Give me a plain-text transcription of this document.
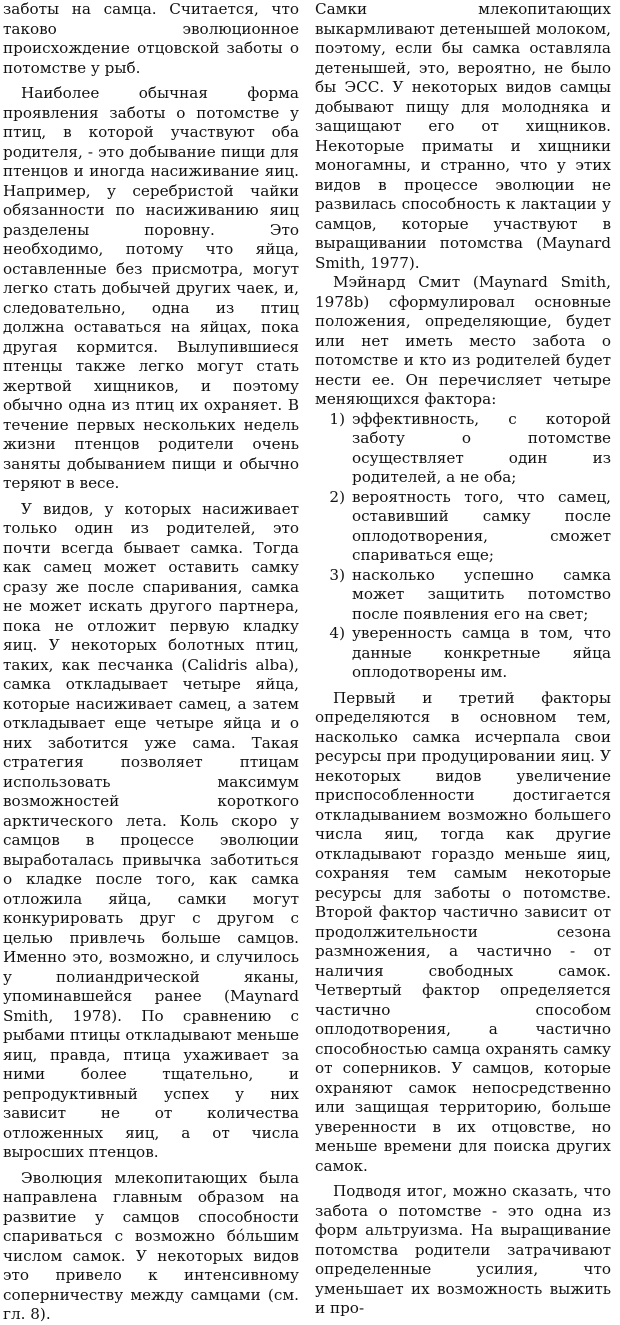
заботы на самца. Считается, что таково эволюционное происхождение отцовской заботы о потомстве у рыб.

Наиболее обычная форма проявления заботы о потомстве у птиц, в которой участвуют оба родителя, - это добывание пищи для птенцов и иногда насиживание яиц. Например, у серебристой чайки обязанности по насиживанию яиц разделены поровну. Это необходимо, потому что яйца, оставленные без присмотра, могут легко стать добычей других чаек, и, следовательно, одна из птиц должна оставаться на яйцах, пока другая кормится. Вылупившиеся птенцы также легко могут стать жертвой хищников, и поэтому обычно одна из птиц их охраняет. В течение первых нескольких недель жизни птенцов родители очень заняты добыванием пищи и обычно теряют в весе.

У видов, у которых насиживает только один из родителей, это почти всегда бывает самка. Тогда как самец может оставить самку сразу же после спаривания, самка не может искать другого партнера, пока не отложит первую кладку яиц. У некоторых болотных птиц, таких, как песчанка (Calidris alba), самка откладывает четыре яйца, которые насиживает самец, а затем откладывает еще четыре яйца и о них заботится уже сама. Такая стратегия позволяет птицам использовать максимум возможностей короткого арктического лета. Коль скоро у самцов в процессе эволюции выработалась привычка заботиться о кладке после того, как самка отложила яйца, самки могут конкурировать друг с другом с целью привлечь больше самцов. Именно это, возможно, и случилось у полиандрической яканы, упоминавшейся ранее (Maynard Smith, 1978). По сравнению с рыбами птицы откладывают меньше яиц, правда, птица ухаживает за ними более тщательно, и репродуктивный успех у них зависит не от количества отложенных яиц, а от числа выросших птенцов.

Эволюция млекопитающих была направлена главным образом на развитие у самцов способности спариваться с возможно бóльшим числом самок. У некоторых видов это привело к интенсивному соперничеству между самцами (см. гл. 8).

Самки млекопитающих выкармливают детенышей молоком, поэтому, если бы самка оставляла детенышей, это, вероятно, не было бы ЭСС. У некоторых видов самцы добывают пищу для молодняка и защищают его от хищников. Некоторые приматы и хищники моногамны, и странно, что у этих видов в процессе эволюции не развилась способность к лактации у самцов, которые участвуют в выращивании потомства (Maynard Smith, 1977).

Мэйнард Смит (Maynard Smith, 1978b) сформулировал основные положения, определяющие, будет или нет иметь место забота о потомстве и кто из родителей будет нести ее. Он перечисляет четыре меняющихся фактора:

1) эффективность, с которой заботу о потомстве осуществляет один из родителей, а не оба;
2) вероятность того, что самец, оставивший самку после оплодотворения, сможет спариваться еще;
3) насколько успешно самка может защитить потомство после появления его на свет;
4) уверенность самца в том, что данные конкретные яйца оплодотворены им.

Первый и третий факторы определяются в основном тем, насколько самка исчерпала свои ресурсы при продуцировании яиц. У некоторых видов увеличение приспособленности достигается откладыванием возможно большего числа яиц, тогда как другие откладывают гораздо меньше яиц, сохраняя тем самым некоторые ресурсы для заботы о потомстве. Второй фактор частично зависит от продолжительности сезона размножения, а частично - от наличия свободных самок. Четвертый фактор определяется частично способом оплодотворения, а частично способностью самца охранять самку от соперников. У самцов, которые охраняют самок непосредственно или защищая территорию, больше уверенности в их отцовстве, но меньше времени для поиска других самок.

Подводя итог, можно сказать, что забота о потомстве - это одна из форм альтруизма. На выращивание потомства родители затрачивают определенные усилия, что уменьшает их возможность выжить и про-
